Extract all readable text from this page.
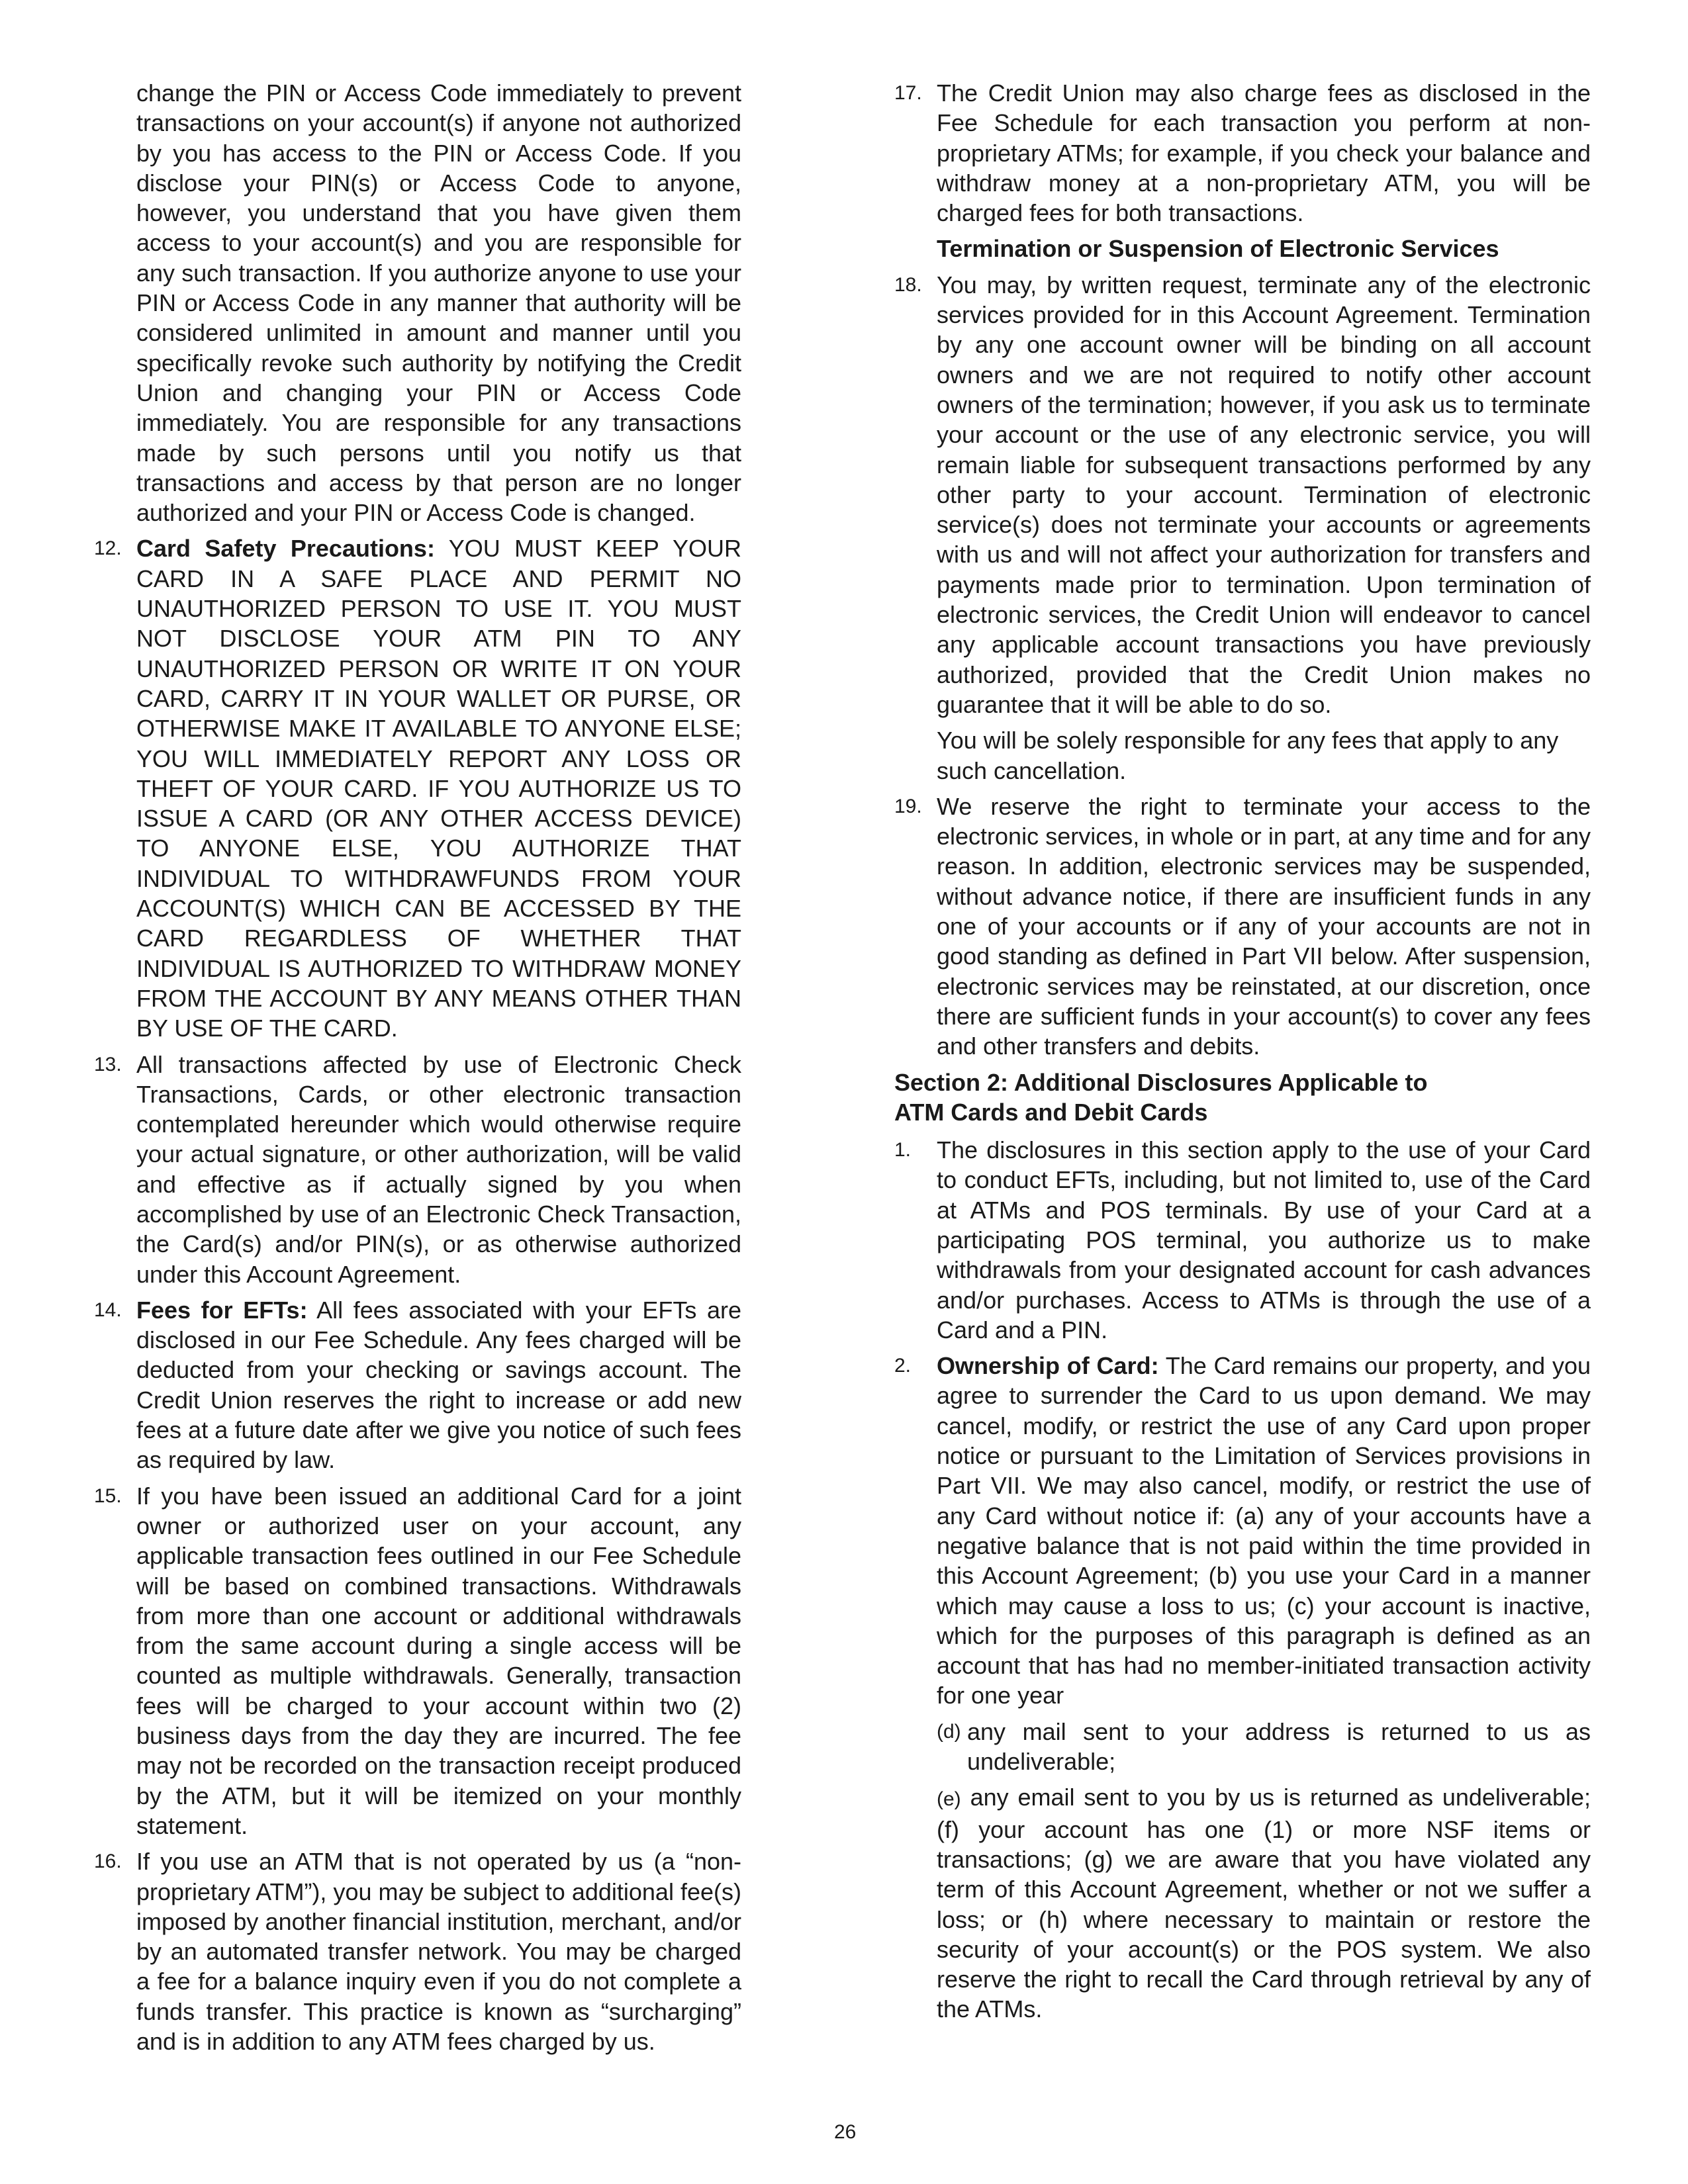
change the PIN or Access Code immediately to prevent transactions on your account(s) if anyone not authorized by you has access to the PIN or Access Code. If you disclose your PIN(s) or Access Code to anyone, however, you understand that you have given them access to your account(s) and you are responsible for any such transaction. If you authorize anyone to use your PIN or Access Code in any manner that authority will be considered unlimited in amount and manner until you specifically revoke such authority by notifying the Credit Union and changing your PIN or Access Code immediately. You are responsible for any transactions made by such persons until you notify us that transactions and access by that person are no longer authorized and your PIN or Access Code is changed.

12. Card Safety Precautions: YOU MUST KEEP YOUR CARD IN A SAFE PLACE AND PERMIT NO UNAUTHORIZED PERSON TO USE IT. YOU MUST NOT DISCLOSE YOUR ATM PIN TO ANY UNAUTHORIZED PERSON OR WRITE IT ON YOUR CARD, CARRY IT IN YOUR WALLET OR PURSE, OR OTHERWISE MAKE IT AVAILABLE TO ANYONE ELSE; YOU WILL IMMEDIATELY REPORT ANY LOSS OR THEFT OF YOUR CARD. IF YOU AUTHORIZE US TO ISSUE A CARD (OR ANY OTHER ACCESS DEVICE) TO ANYONE ELSE, YOU AUTHORIZE THAT INDIVIDUAL TO WITHDRAWFUNDS FROM YOUR ACCOUNT(S) WHICH CAN BE ACCESSED BY THE CARD REGARDLESS OF WHETHER THAT INDIVIDUAL IS AUTHORIZED TO WITHDRAW MONEY FROM THE ACCOUNT BY ANY MEANS OTHER THAN BY USE OF THE CARD.
13. All transactions affected by use of Electronic Check Transactions, Cards, or other electronic transaction contemplated hereunder which would otherwise require your actual signature, or other authorization, will be valid and effective as if actually signed by you when accomplished by use of an Electronic Check Transaction, the Card(s) and/or PIN(s), or as otherwise authorized under this Account Agreement.
14. Fees for EFTs: All fees associated with your EFTs are disclosed in our Fee Schedule. Any fees charged will be deducted from your checking or savings account. The Credit Union reserves the right to increase or add new fees at a future date after we give you notice of such fees as required by law.
15. If you have been issued an additional Card for a joint owner or authorized user on your account, any applicable transaction fees outlined in our Fee Schedule will be based on combined transactions. Withdrawals from more than one account or additional withdrawals from the same account during a single access will be counted as multiple withdrawals. Generally, transaction fees will be charged to your account within two (2) business days from the day they are incurred. The fee may not be recorded on the transaction receipt produced by the ATM, but it will be itemized on your monthly statement.
16. If you use an ATM that is not operated by us (a “non-proprietary ATM”), you may be subject to additional fee(s) imposed by another financial institution, merchant, and/or by an automated transfer network. You may be charged a fee for a balance inquiry even if you do not complete a funds transfer. This practice is known as “surcharging” and is in addition to any ATM fees charged by us.
17. The Credit Union may also charge fees as disclosed in the Fee Schedule for each transaction you perform at non-proprietary ATMs; for example, if you check your balance and withdraw money at a non-proprietary ATM, you will be charged fees for both transactions.

Termination or Suspension of Electronic Services

18. You may, by written request, terminate any of the electronic services provided for in this Account Agreement. Termination by any one account owner will be binding on all account owners and we are not required to notify other account owners of the termination; however, if you ask us to terminate your account or the use of any electronic service, you will remain liable for subsequent transactions performed by any other party to your account. Termination of electronic service(s) does not terminate your accounts or agreements with us and will not affect your authorization for transfers and payments made prior to termination. Upon termination of electronic services, the Credit Union will endeavor to cancel any applicable account transactions you have previously authorized, provided that the Credit Union makes no guarantee that it will be able to do so.
You will be solely responsible for any fees that apply to any such cancellation.
19. We reserve the right to terminate your access to the electronic services, in whole or in part, at any time and for any reason. In addition, electronic services may be suspended, without advance notice, if there are insufficient funds in any one of your accounts or if any of your accounts are not in good standing as defined in Part VII below. After suspension, electronic services may be reinstated, at our discretion, once there are sufficient funds in your account(s) to cover any fees and other transfers and debits.

Section 2: Additional Disclosures Applicable to
ATM Cards and Debit Cards

1.	The disclosures in this section apply to the use of your Card to conduct EFTs, including, but not limited to, use of the Card at ATMs and POS terminals. By use of your Card at a participating POS terminal, you authorize us to make withdrawals from your designated account for cash advances and/or purchases. Access to ATMs is through the use of a Card and a PIN.
2.	Ownership of Card: The Card remains our property, and you agree to surrender the Card to us upon demand. We may cancel, modify, or restrict the use of any Card upon proper notice or pursuant to the Limitation of Services provisions in Part VII. We may also cancel, modify, or restrict the use of any Card without notice if: (a) any of your accounts have a negative balance that is not paid within the time provided in this Account Agreement; (b) you use your Card in a manner which may cause a loss to us; (c) your account is inactive, which for the purposes of this paragraph is defined as an account that has had no member-initiated transaction activity for one year
(d) any mail sent to your address is returned to us as undeliverable;
(e) any email sent to you by us is returned as undeliverable; (f) your account has one (1) or more NSF items or transactions; (g) we are aware that you have violated any term of this Account Agreement, whether or not we suffer a loss; or (h) where necessary to maintain or restore the security of your account(s) or the POS system. We also reserve the right to recall the Card through retrieval by any of the ATMs.
26
